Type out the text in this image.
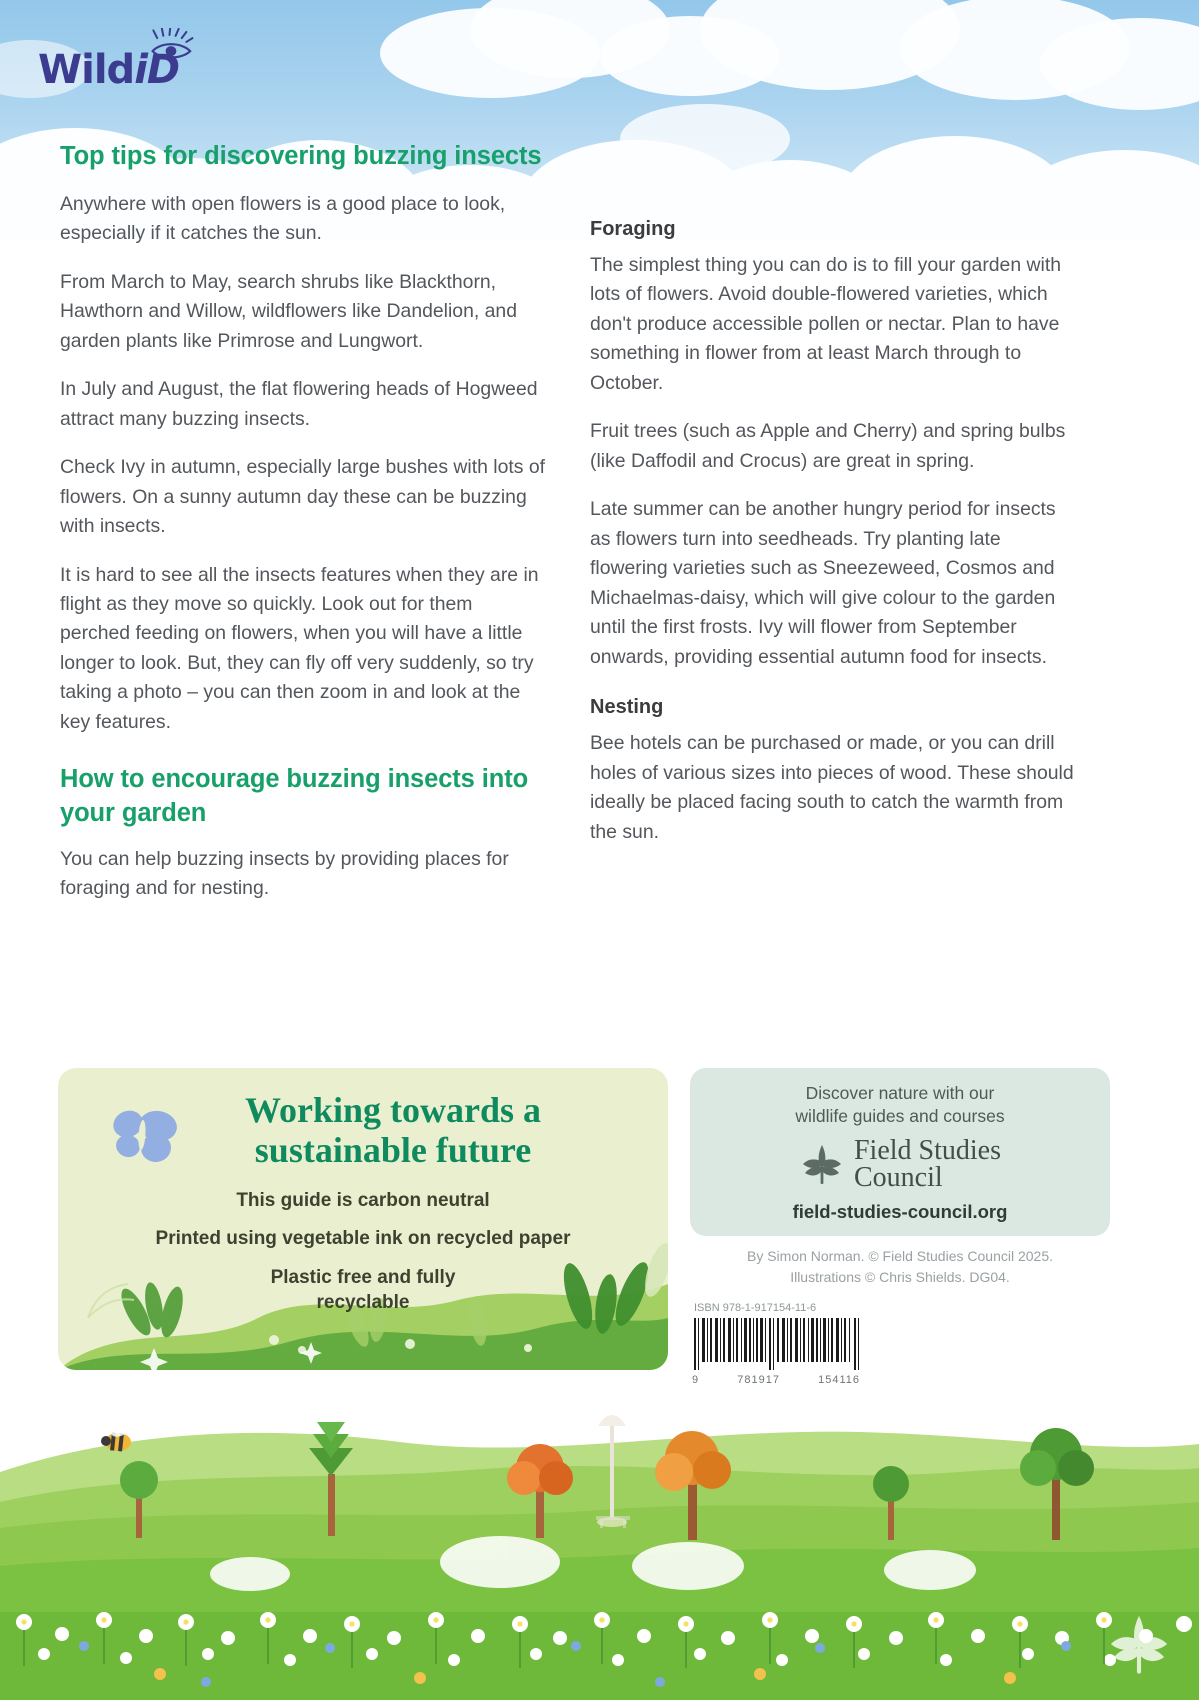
WildiD
Top tips for discovering buzzing insects

Anywhere with open flowers is a good place to look, especially if it catches the sun.

From March to May, search shrubs like Blackthorn, Hawthorn and Willow, wildflowers like Dandelion, and garden plants like Primrose and Lungwort.

In July and August, the flat flowering heads of Hogweed attract many buzzing insects.

Check Ivy in autumn, especially large bushes with lots of flowers. On a sunny autumn day these can be buzzing with insects.

It is hard to see all the insects features when they are in flight as they move so quickly. Look out for them perched feeding on flowers, when you will have a little longer to look. But, they can fly off very suddenly, so try taking a photo – you can then zoom in and look at the key features.

How to encourage buzzing insects into your garden

You can help buzzing insects by providing places for foraging and for nesting.

Foraging

The simplest thing you can do is to fill your garden with lots of flowers. Avoid double-flowered varieties, which don't produce accessible pollen or nectar. Plan to have something in flower from at least March through to October.

Fruit trees (such as Apple and Cherry) and spring bulbs (like Daffodil and Crocus) are great in spring.

Late summer can be another hungry period for insects as flowers turn into seedheads. Try planting late flowering varieties such as Sneezeweed, Cosmos and Michaelmas-daisy, which will give colour to the garden until the first frosts. Ivy will flower from September onwards, providing essential autumn food for insects.

Nesting

Bee hotels can be purchased or made, or you can drill holes of various sizes into pieces of wood. These should ideally be placed facing south to catch the warmth from the sun.

Working towards a
sustainable future
This guide is carbon neutral
Printed using vegetable ink on recycled paper
Plastic free and fully
recyclable
Discover nature with our
wildlife guides and courses
Field Studies
Council
field-studies-council.org
By Simon Norman. © Field Studies Council 2025.
Illustrations © Chris Shields. DG04.
ISBN 978-1-917154-11-6
9	781917	154116
